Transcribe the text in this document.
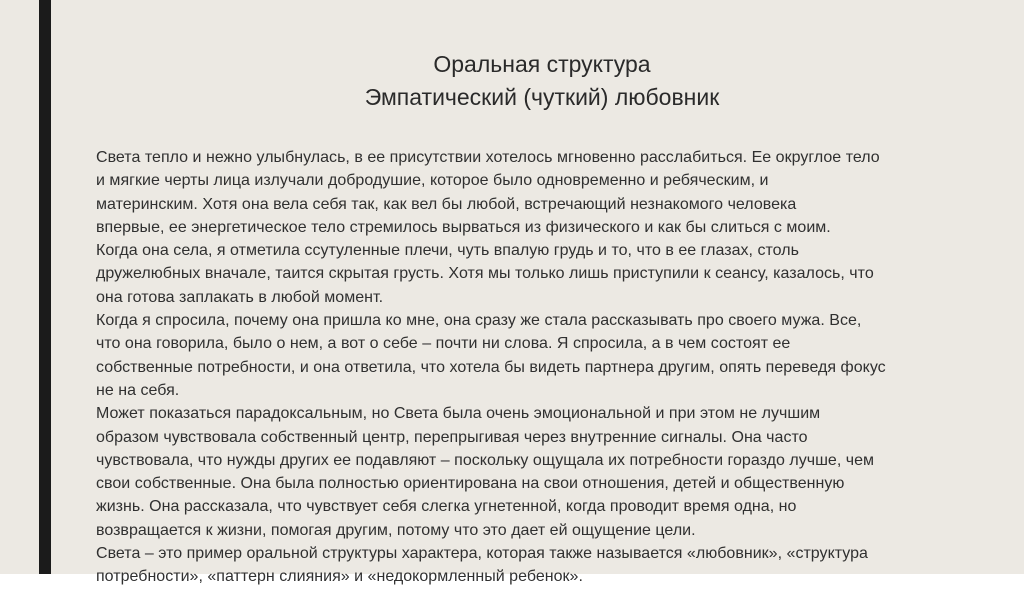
Оральная структура
Эмпатический (чуткий) любовник
Света тепло и нежно улыбнулась, в ее присутствии хотелось мгновенно расслабиться. Ее округлое тело
и мягкие черты лица излучали добродушие, которое было одновременно и ребяческим, и
материнским. Хотя она вела себя так, как вел бы любой, встречающий незнакомого человека
впервые, ее энергетическое тело стремилось вырваться из физического и как бы слиться с моим.
Когда она села, я отметила ссутуленные плечи, чуть впалую грудь и то, что в ее глазах, столь
дружелюбных вначале, таится скрытая грусть. Хотя мы только лишь приступили к сеансу, казалось, что
она готова заплакать в любой момент.
Когда я спросила, почему она пришла ко мне, она сразу же стала рассказывать про своего мужа. Все,
что она говорила, было о нем, а вот о себе – почти ни слова. Я спросила, а в чем состоят ее
собственные потребности, и она ответила, что хотела бы видеть партнера другим, опять переведя фокус
не на себя.
Может показаться парадоксальным, но Света была очень эмоциональной и при этом не лучшим
образом чувствовала собственный центр, перепрыгивая через внутренние сигналы. Она часто
чувствовала, что нужды других ее подавляют – поскольку ощущала их потребности гораздо лучше, чем
свои собственные. Она была полностью ориентирована на свои отношения, детей и общественную
жизнь. Она рассказала, что чувствует себя слегка угнетенной, когда проводит время одна, но
возвращается к жизни, помогая другим, потому что это дает ей ощущение цели.
Света – это пример оральной структуры характера, которая также называется «любовник», «структура
потребности», «паттерн слияния» и «недокормленный ребенок».
